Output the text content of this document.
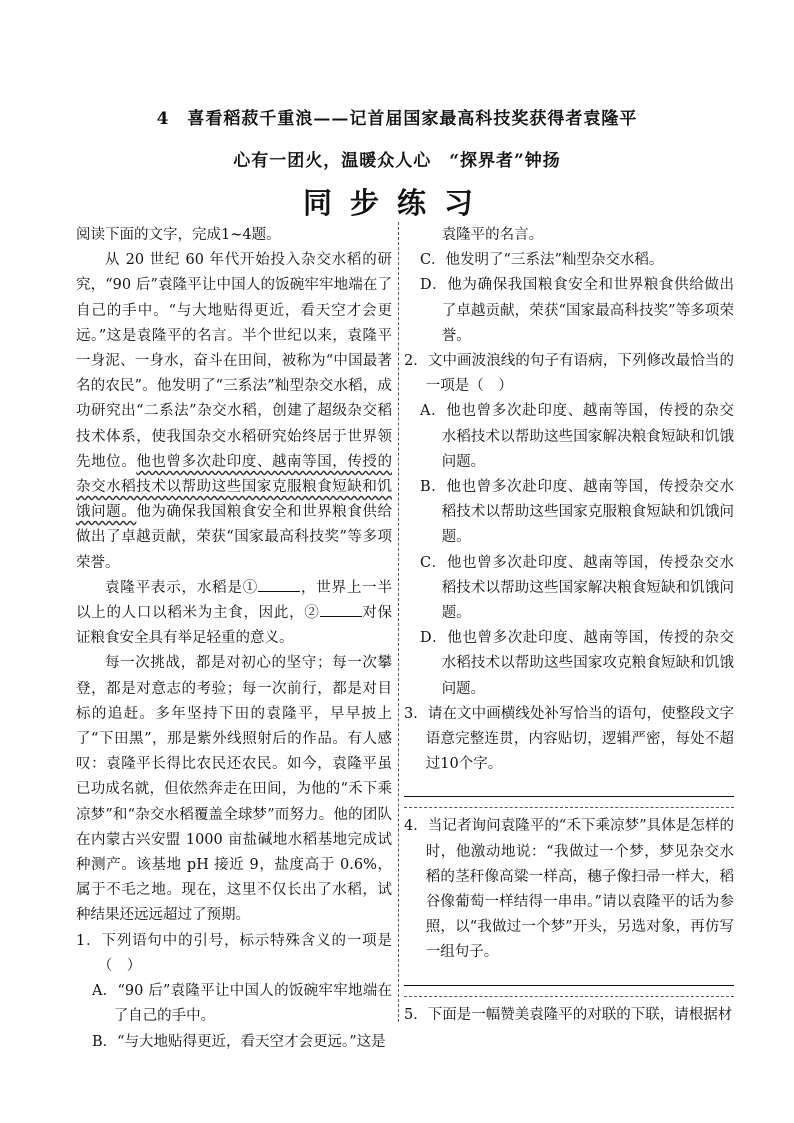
4　喜看稻菽千重浪——记首届国家最高科技奖获得者袁隆平
心有一团火，温暖众人心　“探界者”钟扬
同步练习

阅读下面的文字，完成1~4题。

从 20 世纪 60 年代开始投入杂交水稻的研究，“90 后”袁隆平让中国人的饭碗牢牢地端在了自己的手中。“与大地贴得更近，看天空才会更远。”这是袁隆平的名言。半个世纪以来，袁隆平一身泥、一身水，奋斗在田间，被称为“中国最著名的农民”。他发明了“三系法”籼型杂交水稻，成功研究出“二系法”杂交水稻，创建了超级杂交稻技术体系，使我国杂交水稻研究始终居于世界领先地位。他也曾多次赴印度、越南等国，传授的杂交水稻技术以帮助这些国家克服粮食短缺和饥饿问题。他为确保我国粮食安全和世界粮食供给做出了卓越贡献，荣获“国家最高科技奖”等多项荣誉。

袁隆平表示，水稻是①	，世界上一半以上的人口以稻米为主食，因此，②	对保证粮食安全具有举足轻重的意义。

每一次挑战，都是对初心的坚守；每一次攀登，都是对意志的考验；每一次前行，都是对目标的追赶。多年坚持下田的袁隆平，早早披上了“下田黑”，那是紫外线照射后的作品。有人感叹：袁隆平长得比农民还农民。如今，袁隆平虽已功成名就，但依然奔走在田间，为他的“禾下乘凉梦”和“杂交水稻覆盖全球梦”而努力。他的团队在内蒙古兴安盟 1000 亩盐碱地水稻基地完成试种测产。该基地 pH 接近 9，盐度高于 0.6%，属于不毛之地。现在，这里不仅长出了水稻，试种结果还远远超过了预期。

1．下列语句中的引号，标示特殊含义的一项是（　）

A．“90 后”袁隆平让中国人的饭碗牢牢地端在了自己的手中。

B．“与大地贴得更近，看天空才会更远。”这是

袁隆平的名言。

C．他发明了“三系法”籼型杂交水稻。

D．他为确保我国粮食安全和世界粮食供给做出了卓越贡献，荣获“国家最高科技奖”等多项荣誉。

2．文中画波浪线的句子有语病，下列修改最恰当的一项是（　）

A．他也曾多次赴印度、越南等国，传授的杂交水稻技术以帮助这些国家解决粮食短缺和饥饿问题。

B．他也曾多次赴印度、越南等国，传授杂交水稻技术以帮助这些国家克服粮食短缺和饥饿问题。

C．他也曾多次赴印度、越南等国，传授杂交水稻技术以帮助这些国家解决粮食短缺和饥饿问题。

D．他也曾多次赴印度、越南等国，传授的杂交水稻技术以帮助这些国家攻克粮食短缺和饥饿问题。

3．请在文中画横线处补写恰当的语句，使整段文字语意完整连贯，内容贴切，逻辑严密，每处不超过10个字。

4．当记者询问袁隆平的“禾下乘凉梦”具体是怎样的时，他激动地说：“我做过一个梦，梦见杂交水稻的茎秆像高粱一样高，穗子像扫帚一样大，稻谷像葡萄一样结得一串串。”请以袁隆平的话为参照，以“我做过一个梦”开头，另选对象，再仿写一组句子。

5．下面是一幅赞美袁隆平的对联的下联，请根据材
